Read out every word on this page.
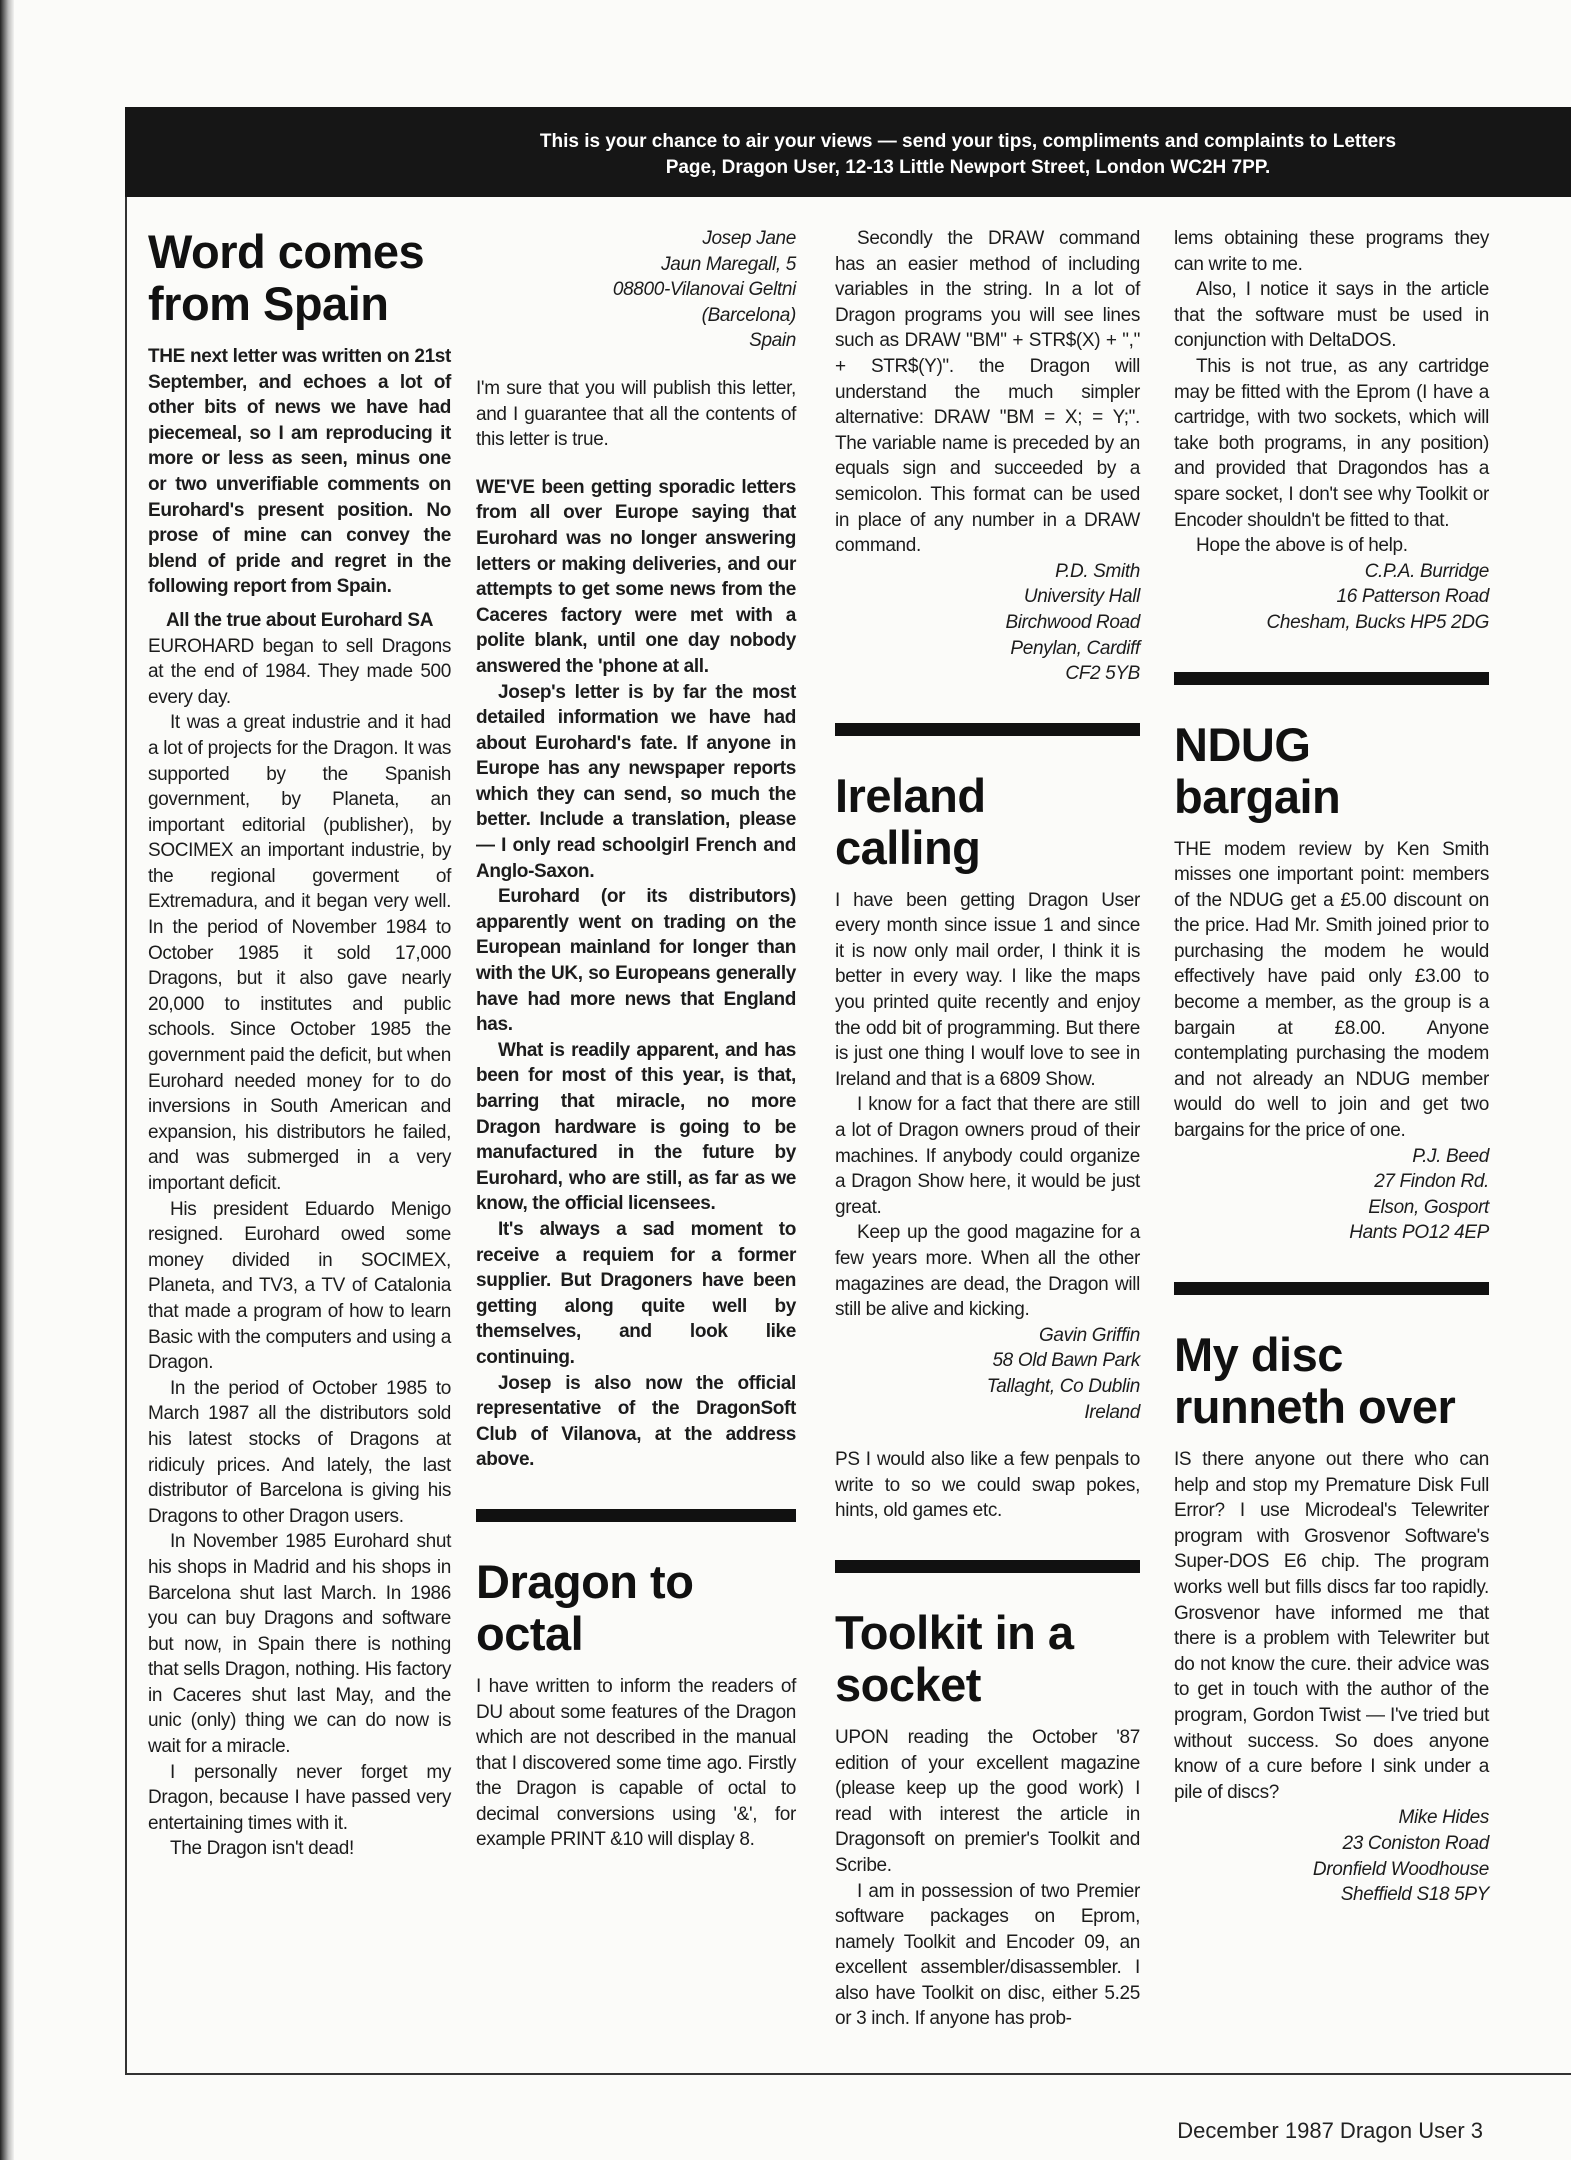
This is your chance to air your views — send your tips, compliments and complaints to Letters
Page, Dragon User, 12-13 Little Newport Street, London WC2H 7PP.
Word comes
from Spain

THE next letter was written on 21st September, and echoes a lot of other bits of news we have had piecemeal, so I am reproducing it more or less as seen, minus one or two unverifiable comments on Eurohard's present position. No prose of mine can convey the blend of pride and regret in the following report from Spain.

All the true about Eurohard SA

EUROHARD began to sell Dragons at the end of 1984. They made 500 every day.

It was a great industrie and it had a lot of projects for the Dragon. It was supported by the Spanish government, by Planeta, an important editorial (publisher), by SOCIMEX an important industrie, by the regional goverment of Extremadura, and it began very well. In the period of November 1984 to October 1985 it sold 17,000 Dragons, but it also gave nearly 20,000 to institutes and public schools. Since October 1985 the government paid the deficit, but when Eurohard needed money for to do inversions in South American and expansion, his distributors he failed, and was submerged in a very important deficit.

His president Eduardo Menigo resigned. Eurohard owed some money divided in SOCIMEX, Planeta, and TV3, a TV of Catalonia that made a program of how to learn Basic with the computers and using a Dragon.

In the period of October 1985 to March 1987 all the distributors sold his latest stocks of Dragons at ridiculy prices. And lately, the last distributor of Barcelona is giving his Dragons to other Dragon users.

In November 1985 Eurohard shut his shops in Madrid and his shops in Barcelona shut last March. In 1986 you can buy Dragons and software but now, in Spain there is nothing that sells Dragon, nothing. His factory in Caceres shut last May, and the unic (only) thing we can do now is wait for a miracle.

I personally never forget my Dragon, because I have passed very entertaining times with it.

The Dragon isn't dead!

Josep Jane
Jaun Maregall, 5
08800-Vilanovai Geltni
(Barcelona)
Spain

I'm sure that you will publish this letter, and I guarantee that all the contents of this letter is true.

WE'VE been getting sporadic letters from all over Europe saying that Eurohard was no longer answering letters or making deliveries, and our attempts to get some news from the Caceres factory were met with a polite blank, until one day nobody answered the 'phone at all.

Josep's letter is by far the most detailed information we have had about Eurohard's fate. If anyone in Europe has any newspaper reports which they can send, so much the better. Include a translation, please — I only read schoolgirl French and Anglo-Saxon.

Eurohard (or its distributors) apparently went on trading on the European mainland for longer than with the UK, so Europeans generally have had more news that England has.

What is readily apparent, and has been for most of this year, is that, barring that miracle, no more Dragon hardware is going to be manufactured in the future by Eurohard, who are still, as far as we know, the official licensees.

It's always a sad moment to receive a requiem for a former supplier. But Dragoners have been getting along quite well by themselves, and look like continuing.

Josep is also now the official representative of the DragonSoft Club of Vilanova, at the address above.

Dragon to
octal

I have written to inform the readers of DU about some features of the Dragon which are not described in the manual that I discovered some time ago. Firstly the Dragon is capable of octal to decimal conversions using '&', for example PRINT &10 will display 8.

Secondly the DRAW command has an easier method of including variables in the string. In a lot of Dragon programs you will see lines such as DRAW "BM" + STR$(X) + "," + STR$(Y)". the Dragon will understand the much simpler alternative: DRAW "BM = X; = Y;". The variable name is preceded by an equals sign and succeeded by a semicolon. This format can be used in place of any number in a DRAW command.

P.D. Smith
University Hall
Birchwood Road
Penylan, Cardiff
CF2 5YB
Ireland
calling

I have been getting Dragon User every month since issue 1 and since it is now only mail order, I think it is better in every way. I like the maps you printed quite recently and enjoy the odd bit of programming. But there is just one thing I woulf love to see in Ireland and that is a 6809 Show.

I know for a fact that there are still a lot of Dragon owners proud of their machines. If anybody could organize a Dragon Show here, it would be just great.

Keep up the good magazine for a few years more. When all the other magazines are dead, the Dragon will still be alive and kicking.

Gavin Griffin
58 Old Bawn Park
Tallaght, Co Dublin
Ireland

PS I would also like a few penpals to write to so we could swap pokes, hints, old games etc.

Toolkit in a
socket

UPON reading the October '87 edition of your excellent magazine (please keep up the good work) I read with interest the article in Dragonsoft on premier's Toolkit and Scribe.

I am in possession of two Premier software packages on Eprom, namely Toolkit and Encoder 09, an excellent assembler/disassembler. I also have Toolkit on disc, either 5.25 or 3 inch. If anyone has prob-

lems obtaining these programs they can write to me.

Also, I notice it says in the article that the software must be used in conjunction with DeltaDOS.

This is not true, as any cartridge may be fitted with the Eprom (I have a cartridge, with two sockets, which will take both programs, in any position) and provided that Dragondos has a spare socket, I don't see why Toolkit or Encoder shouldn't be fitted to that.

Hope the above is of help.

C.P.A. Burridge
16 Patterson Road
Chesham, Bucks HP5 2DG
NDUG
bargain

THE modem review by Ken Smith misses one important point: members of the NDUG get a £5.00 discount on the price. Had Mr. Smith joined prior to purchasing the modem he would effectively have paid only £3.00 to become a member, as the group is a bargain at £8.00. Anyone contemplating purchasing the modem and not already an NDUG member would do well to join and get two bargains for the price of one.

P.J. Beed
27 Findon Rd.
Elson, Gosport
Hants PO12 4EP
My disc
runneth over

IS there anyone out there who can help and stop my Premature Disk Full Error? I use Microdeal's Telewriter program with Grosvenor Software's Super-DOS E6 chip. The program works well but fills discs far too rapidly. Grosvenor have informed me that there is a problem with Telewriter but do not know the cure. their advice was to get in touch with the author of the program, Gordon Twist — I've tried but without success. So does anyone know of a cure before I sink under a pile of discs?

Mike Hides
23 Coniston Road
Dronfield Woodhouse
Sheffield S18 5PY
December 1987 Dragon User 3
